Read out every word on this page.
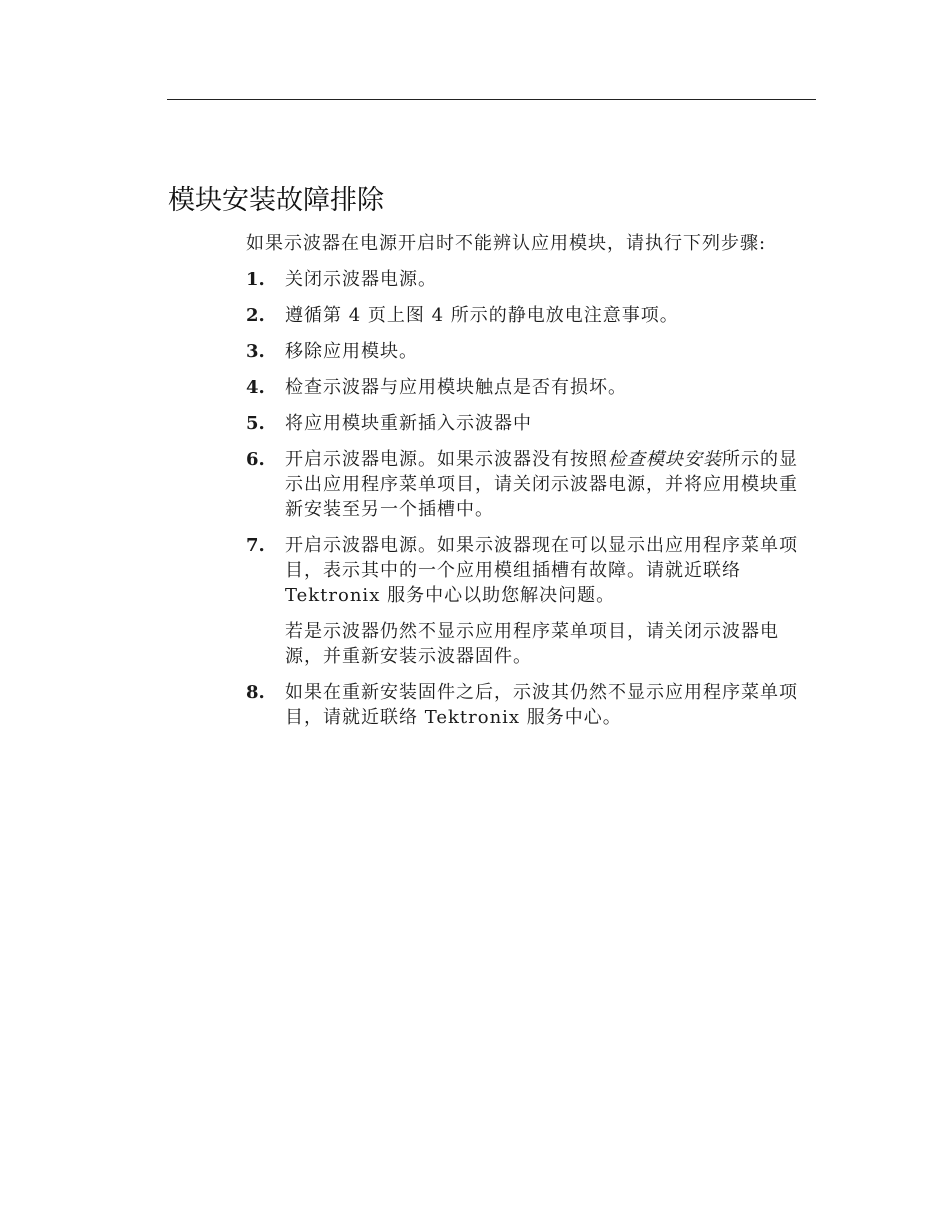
模块安装故障排除

如果示波器在电源开启时不能辨认应用模块，请执行下列步骤:

1.	关闭示波器电源。

2.	遵循第 4 页上图 4 所示的静电放电注意事项。

3.	移除应用模块。

4.	检查示波器与应用模块触点是否有损坏。

5.	将应用模块重新插入示波器中

6.	开启示波器电源。如果示波器没有按照检查模块安装所示的显示出应用程序菜单项目，请关闭示波器电源，并将应用模块重新安装至另一个插槽中。

7.	开启示波器电源。如果示波器现在可以显示出应用程序菜单项目，表示其中的一个应用模组插槽有故障。请就近联络 Tektronix 服务中心以助您解决问题。

若是示波器仍然不显示应用程序菜单项目，请关闭示波器电源，并重新安装示波器固件。

8.	如果在重新安装固件之后，示波其仍然不显示应用程序菜单项目，请就近联络 Tektronix 服务中心。
